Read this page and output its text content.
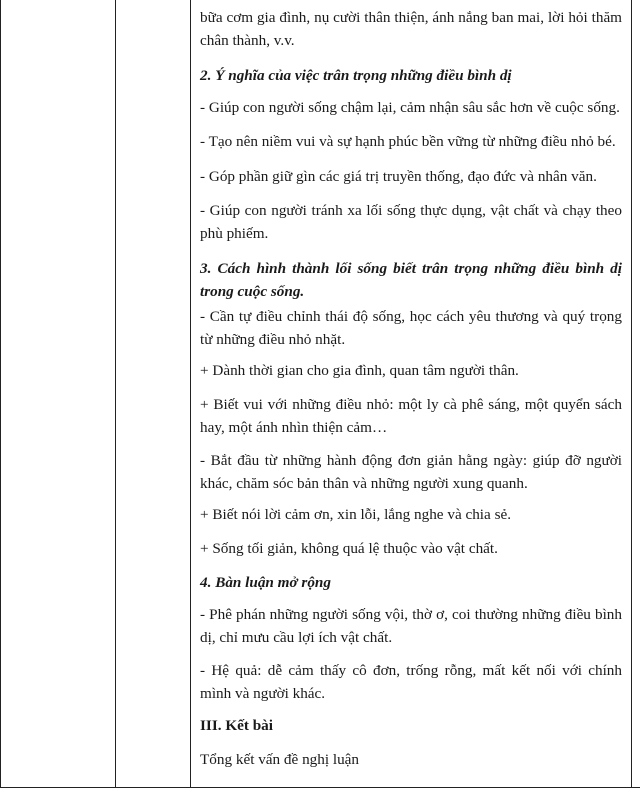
bữa cơm gia đình, nụ cười thân thiện, ánh nắng ban mai, lời hỏi thăm chân thành, v.v.

2. Ý nghĩa của việc trân trọng những điều bình dị

- Giúp con người sống chậm lại, cảm nhận sâu sắc hơn về cuộc sống.

- Tạo nên niềm vui và sự hạnh phúc bền vững từ những điều nhỏ bé.

- Góp phần giữ gìn các giá trị truyền thống, đạo đức và nhân văn.

- Giúp con người tránh xa lối sống thực dụng, vật chất và chạy theo phù phiếm.

3. Cách hình thành lối sống biết trân trọng những điều bình dị trong cuộc sống.

- Cần tự điều chỉnh thái độ sống, học cách yêu thương và quý trọng từ những điều nhỏ nhặt.

+ Dành thời gian cho gia đình, quan tâm người thân.

+ Biết vui với những điều nhỏ: một ly cà phê sáng, một quyển sách hay, một ánh nhìn thiện cảm…

- Bắt đầu từ những hành động đơn giản hằng ngày: giúp đỡ người khác, chăm sóc bản thân và những người xung quanh.

+ Biết nói lời cảm ơn, xin lỗi, lắng nghe và chia sẻ.

+ Sống tối giản, không quá lệ thuộc vào vật chất.

4. Bàn luận mở rộng

- Phê phán những người sống vội, thờ ơ, coi thường những điều bình dị, chỉ mưu cầu lợi ích vật chất.

- Hệ quả: dễ cảm thấy cô đơn, trống rỗng, mất kết nối với chính mình và người khác.

III. Kết bài

Tổng kết vấn đề nghị luận
